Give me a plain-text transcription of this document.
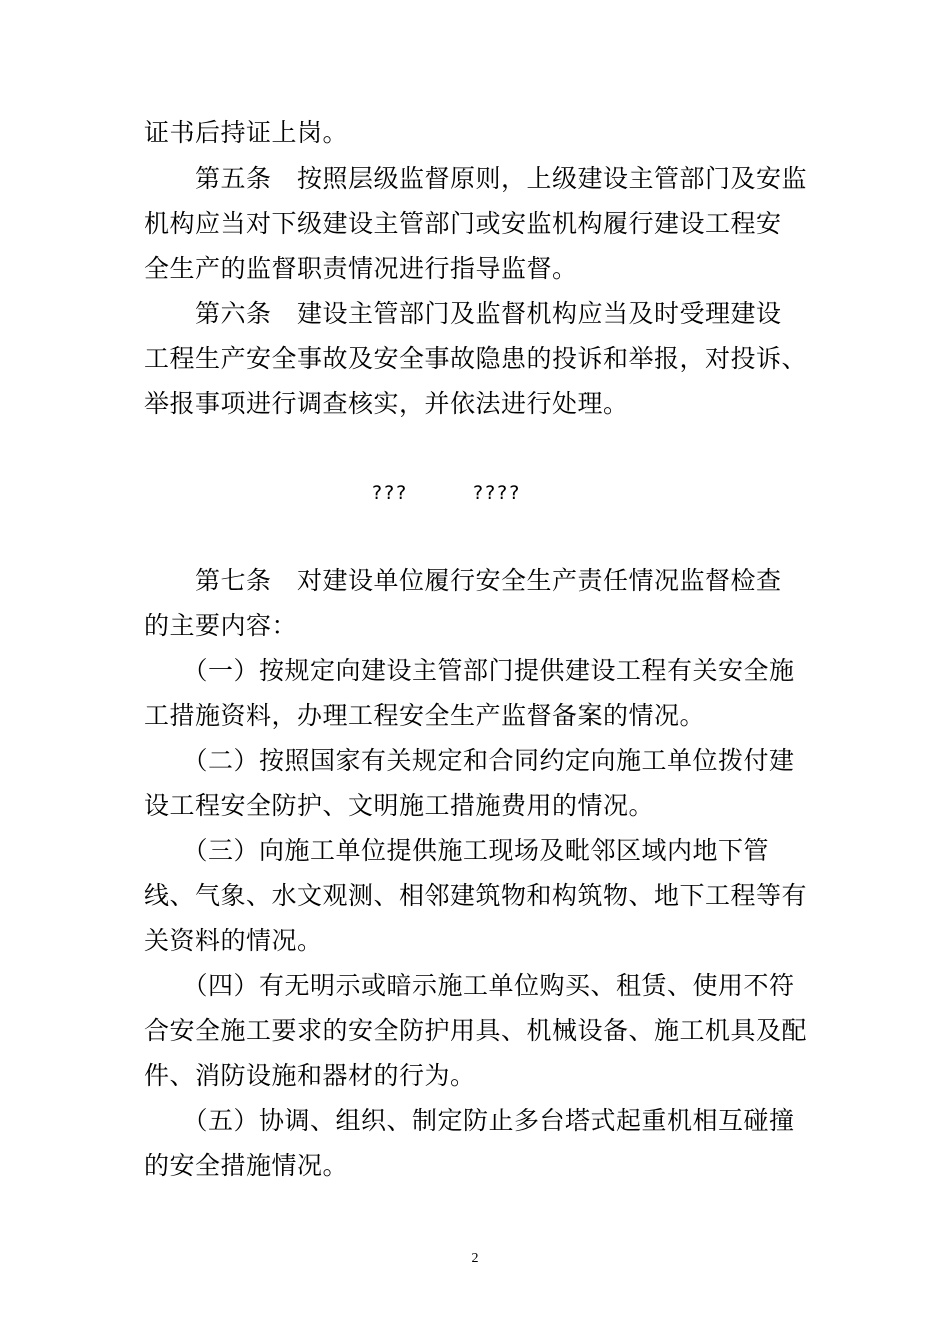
证书后持证上岗。
　　第五条　按照层级监督原则，上级建设主管部门及安监
机构应当对下级建设主管部门或安监机构履行建设工程安
全生产的监督职责情况进行指导监督。
　　第六条　建设主管部门及监督机构应当及时受理建设
工程生产安全事故及安全事故隐患的投诉和举报，对投诉、
举报事项进行调查核实，并依法进行处理。
???	????
　　第七条　对建设单位履行安全生产责任情况监督检查
的主要内容：
　　（一）按规定向建设主管部门提供建设工程有关安全施
工措施资料，办理工程安全生产监督备案的情况。
　　（二）按照国家有关规定和合同约定向施工单位拨付建
设工程安全防护、文明施工措施费用的情况。
　　（三）向施工单位提供施工现场及毗邻区域内地下管
线、气象、水文观测、相邻建筑物和构筑物、地下工程等有
关资料的情况。
　　（四）有无明示或暗示施工单位购买、租赁、使用不符
合安全施工要求的安全防护用具、机械设备、施工机具及配
件、消防设施和器材的行为。
　　（五）协调、组织、制定防止多台塔式起重机相互碰撞
的安全措施情况。
2
